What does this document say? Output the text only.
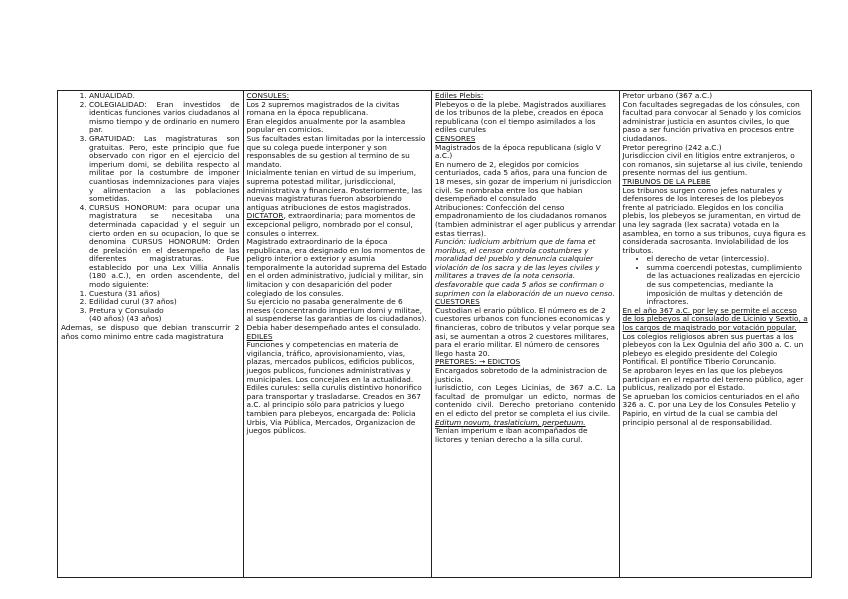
1. ANUALIDAD.
2. COLEGIALIDAD: Eran investidos de identicas funciones varios ciudadanos al mismo tiempo y de ordinario en numero par.
3. GRATUIDAD: Las magistraturas son gratuitas. Pero, este principio que fue observado con rigor en el ejercicio del imperium domi, se debilita respecto al militae por la costumbre de imponer cuantiosas indemnizaciones para viajes y alimentacion a las poblaciones sometidas.
4. CURSUS HONORUM: para ocupar una magistratura se necesitaba una determinada capacidad y el seguir un cierto orden en su ocupacion, lo que se denomina CURSUS HONORUM: Orden de prelación en el desempeño de las diferentes magistraturas. Fue establecido por una Lex Villia Annalis (180 a.C.), en orden ascendente, del modo siguiente:
1. Cuestura (31 años)
2. Edilidad curul (37 años)
3. Pretura y Consulado

(40 años) (43 años)

Ademas, se dispuso que debian transcurrir 2 años como minimo entre cada magistratura

CONSULES:

Los 2 supremos magistrados de la civitas romana en la época republicana.

Eran elegidos anualmente por la asamblea popular en comicios.

Sus facultades estan limitadas por la intercessio que su colega puede interponer y son responsables de su gestion al termino de su mandato.

Inicialmente tenian en virtud de su imperium, suprema potestad militar, jurisdiccional, administrativa y financiera. Posteriormente, las nuevas magistraturas fueron absorbiendo antiguas atribuciones de estos magistrados.

DICTATOR, extraordinaria; para momentos de excepcional peligro, nombrado por el consul, consules o interrex.

Magistrado extraordinario de la época republicana, era designado en los momentos de peligro interior o exterior y asumia temporalmente la autoridad suprema del Estado en el orden administrativo, judicial y militar, sin limitacion y con desaparición del poder colegiado de los consules.

Su ejercicio no pasaba generalmente de 6 meses (concentrando imperium domi y militae, al suspenderse las garantias de los ciudadanos).

Debia haber desempeñado antes el consulado.

EDILES

Funciones y competencias en materia de vigilancia, tráfico, aprovisionamiento, vias, plazas, mercados publicos, edificios publicos, juegos publicos, funciones administrativas y municipales. Los concejales en la actualidad.

Ediles curules: sella curulis distintivo honorifico para transportar y trasladarse. Creados en 367 a.C. al principio sólo para patricios y luego tambien para plebeyos, encargada de: Policia Urbis, Via Pública, Mercados, Organizacion de juegos públicos.

Ediles Plebis:

Plebeyos o de la plebe. Magistrados auxiliares de los tribunos de la plebe, creados en época republicana (con el tiempo asimilados a los ediles curules

CENSORES

Magistrados de la época republicana (siglo V a.C.)

En numero de 2, elegidos por comicios centuriados, cada 5 años, para una funcion de 18 meses, sin gozar de imperium ni jurisdiccion civil. Se nombraba entre los que habian desempeñado el consulado

Atribuciones: Confección del censo empadronamiento de los ciudadanos romanos (tambien administrar el ager publicus y arrendar estas tierras).

Función: iudicium arbitrium que de fama et moribus, el censor controla costumbres y moralidad del pueblo y denuncia cualquier violación de los sacra y de las leyes civiles y militares a traves de la nota censoria. desfavorable que cada 5 años se confirman o suprimen con la elaboración de un nuevo censo.

CUESTORES

Custodian el erario público. El número es de 2 cuestores urbanos con funciones economicas y financieras, cobro de tributos y velar porque sea asi, se aumentan a otros 2 cuestores militares, para el erario militar. El número de censores llego hasta 20.

PRETORES: → EDICTOS

Encargados sobretodo de la administracion de justicia.

Iurisdictio, con Leges Licinias, de 367 a.C. La facultad de promulgar un edicto, normas de contenido civil. Derecho pretoriano contenido en el edicto del pretor se completa el ius civile.

Editum novum, traslaticium, perpetuum.

Tenian imperium e iban acompañados de lictores y tenian derecho a la silla curul.

Pretor urbano (367 a.C.)

Con facultades segregadas de los cónsules, con facultad para convocar al Senado y los comicios administrar justicia en asuntos civiles, lo que paso a ser función privativa en procesos entre ciudadanos.

Pretor peregrino (242 a.C.)

Jurisdiccion civil en litigios entre extranjeros, o con romanos, sin sujetarse al ius civile, teniendo presente normas del ius gentium.

TRIBUNOS DE LA PLEBE

Los tribunos surgen como jefes naturales y defensores de los intereses de los plebeyos frente al patriciado. Elegidos en los concilia plebis, los plebeyos se juramentan, en virtud de una ley sagrada (lex sacrata) votada en la asamblea, en torno a sus tribunos, cuya figura es considerada sacrosanta. Inviolabilidad de los tributos.

• el derecho de vetar (intercessio).
• summa coercendi potestas, cumplimiento de las actuaciones realizadas en ejercicio de sus competencias, mediante la imposición de multas y detención de infractores.

En el año 367 a.C. por ley se permite el acceso de los plebeyos al consulado de Licinio y Sextio, a los cargos de magistrado por votación popular.

Los colegios religiosos abren sus puertas a los plebeyos con la Lex Ogulnia del año 300 a. C. un plebeyo es elegido presidente del Colegio Pontifical. El pontífice Tiberio Coruncanio.

Se aprobaron leyes en las que los plebeyos participan en el reparto del terreno público, ager publicus, realizado por el Estado.

Se aprueban los comicios centuriados en el año 326 a. C. por una Ley de los Consules Petelio y Papirio, en virtud de la cual se cambia del principio personal al de responsabilidad.
